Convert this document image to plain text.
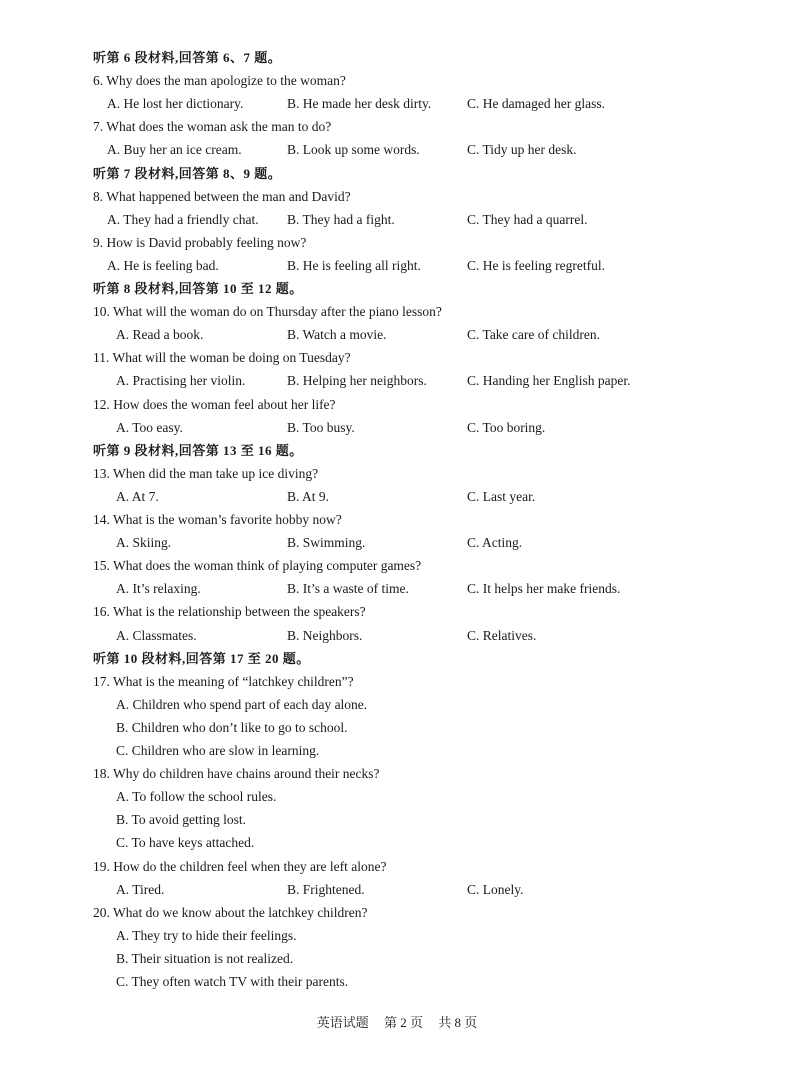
听第 6 段材料,回答第 6、7 题。
6. Why does the man apologize to the woman?
A. He lost her dictionary.	B. He made her desk dirty.	C. He damaged her glass.
7. What does the woman ask the man to do?
A. Buy her an ice cream.	B. Look up some words.	C. Tidy up her desk.
听第 7 段材料,回答第 8、9 题。
8. What happened between the man and David?
A. They had a friendly chat. B. They had a fight.	C. They had a quarrel.
9. How is David probably feeling now?
A. He is feeling bad.	B. He is feeling all right.	C. He is feeling regretful.
听第 8 段材料,回答第 10 至 12 题。
10. What will the woman do on Thursday after the piano lesson?
A. Read a book.	B. Watch a movie.	C. Take care of children.
11. What will the woman be doing on Tuesday?
A. Practising her violin.	B. Helping her neighbors.	C. Handing her English paper.
12. How does the woman feel about her life?
A. Too easy.	B. Too busy.	C. Too boring.
听第 9 段材料,回答第 13 至 16 题。
13. When did the man take up ice diving?
A. At 7.	B. At 9.	C. Last year.
14. What is the woman’s favorite hobby now?
A. Skiing.	B. Swimming.	C. Acting.
15. What does the woman think of playing computer games?
A. It’s relaxing.	B. It’s a waste of time.	C. It helps her make friends.
16. What is the relationship between the speakers?
A. Classmates.	B. Neighbors.	C. Relatives.
听第 10 段材料,回答第 17 至 20 题。
17. What is the meaning of “latchkey children”?
A. Children who spend part of each day alone.
B. Children who don’t like to go to school.
C. Children who are slow in learning.
18. Why do children have chains around their necks?
A. To follow the school rules.
B. To avoid getting lost.
C. To have keys attached.
19. How do the children feel when they are left alone?
A. Tired.	B. Frightened.	C. Lonely.
20. What do we know about the latchkey children?
A. They try to hide their feelings.
B. Their situation is not realized.
C. They often watch TV with their parents.
英语试题 第 2 页 共 8 页
